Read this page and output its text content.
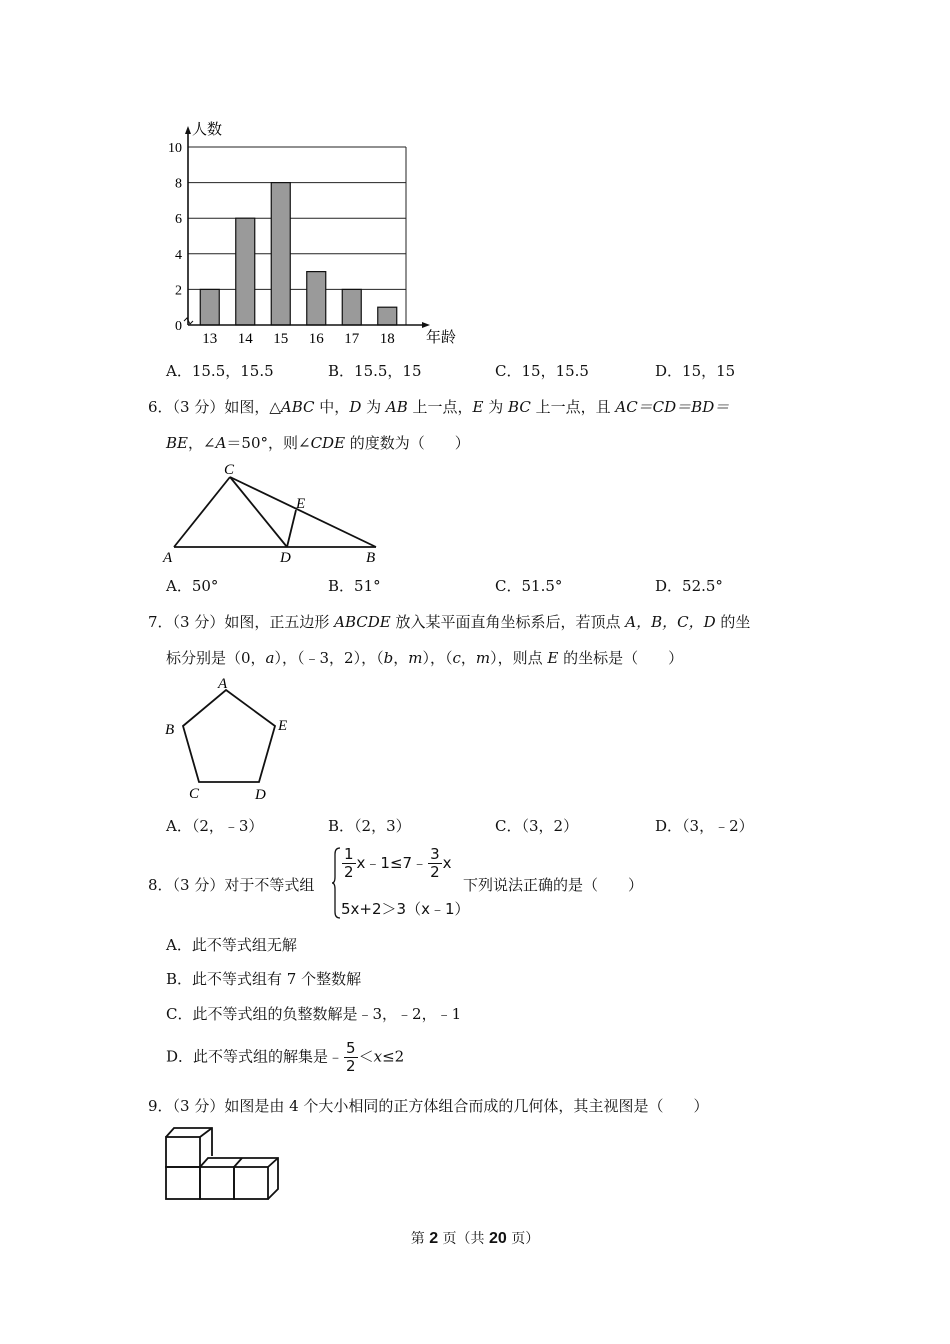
0
2
4
6
8
10
13 14 15 16 17 18
人数
年龄
A．15.5，15.5	B．15.5，15	C．15，15.5	D．15，15
6．（3 分）如图，△ABC 中，D 为 AB 上一点，E 为 BC 上一点，且 AC＝CD＝BD＝
BE，∠A＝50°，则∠CDE 的度数为（　　）
A
C
E
D	B
A．50°	B．51°	C．51.5°	D．52.5°
7．（3 分）如图，正五边形 ABCDE 放入某平面直角坐标系后，若顶点 A，B，C，D 的坐
标分别是（0，a），（﹣3，2），（b，m），（c，m），则点 E 的坐标是（　　）
A
B	E
C	D
A．（2，﹣3）	B．（2，3）	C．（3，2）	D．（3，﹣2）
8．（3 分）对于不等式组
$\frac{1}{2}$ x﹣1≤7﹣ $\frac{3}{2}$ x
5x+2＞3（x﹣1）
下列说法正确的是（　　）
A．此不等式组无解
B．此不等式组有 7 个整数解
C．此不等式组的负整数解是﹣3，﹣2，﹣1
D．此不等式组的解集是﹣ $\frac{5}{2} <x\le 2$
9．（3 分）如图是由 4 个大小相同的正方体组合而成的几何体，其主视图是（　　）
第 2 页（共 20 页）
